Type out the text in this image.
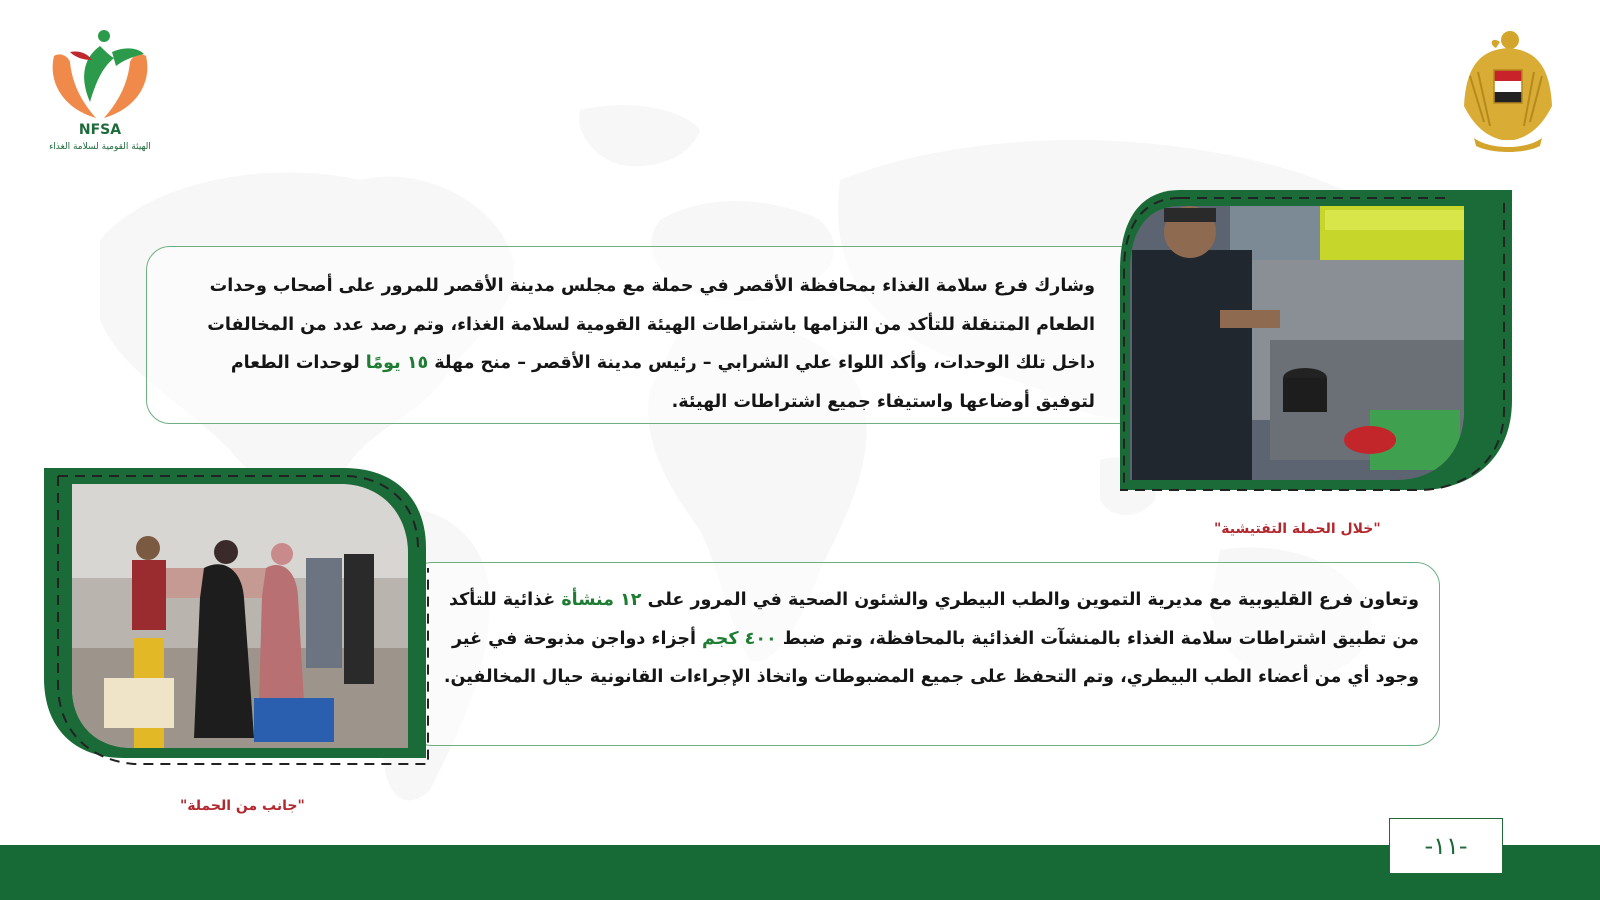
NFSA
الهيئة القومية لسلامة الغذاء

وشارك فرع سلامة الغذاء بمحافظة الأقصر في حملة مع مجلس مدينة الأقصر للمرور على أصحاب وحدات الطعام المتنقلة للتأكد من التزامها باشتراطات الهيئة القومية لسلامة الغذاء، وتم رصد عدد من المخالفات داخل تلك الوحدات، وأكد اللواء علي الشرابي – رئيس مدينة الأقصر – منح مهلة ١٥ يومًا لوحدات الطعام لتوفيق أوضاعها واستيفاء جميع اشتراطات الهيئة.

"خلال الحملة التفتيشية"

وتعاون فرع القليوبية مع مديرية التموين والطب البيطري والشئون الصحية في المرور على ١٢ منشأة غذائية للتأكد من تطبيق اشتراطات سلامة الغذاء بالمنشآت الغذائية بالمحافظة، وتم ضبط ٤٠٠ كجم أجزاء دواجن مذبوحة في غير وجود أي من أعضاء الطب البيطري، وتم التحفظ على جميع المضبوطات واتخاذ الإجراءات القانونية حيال المخالفين.

"جانب من الحملة"
-١١-
